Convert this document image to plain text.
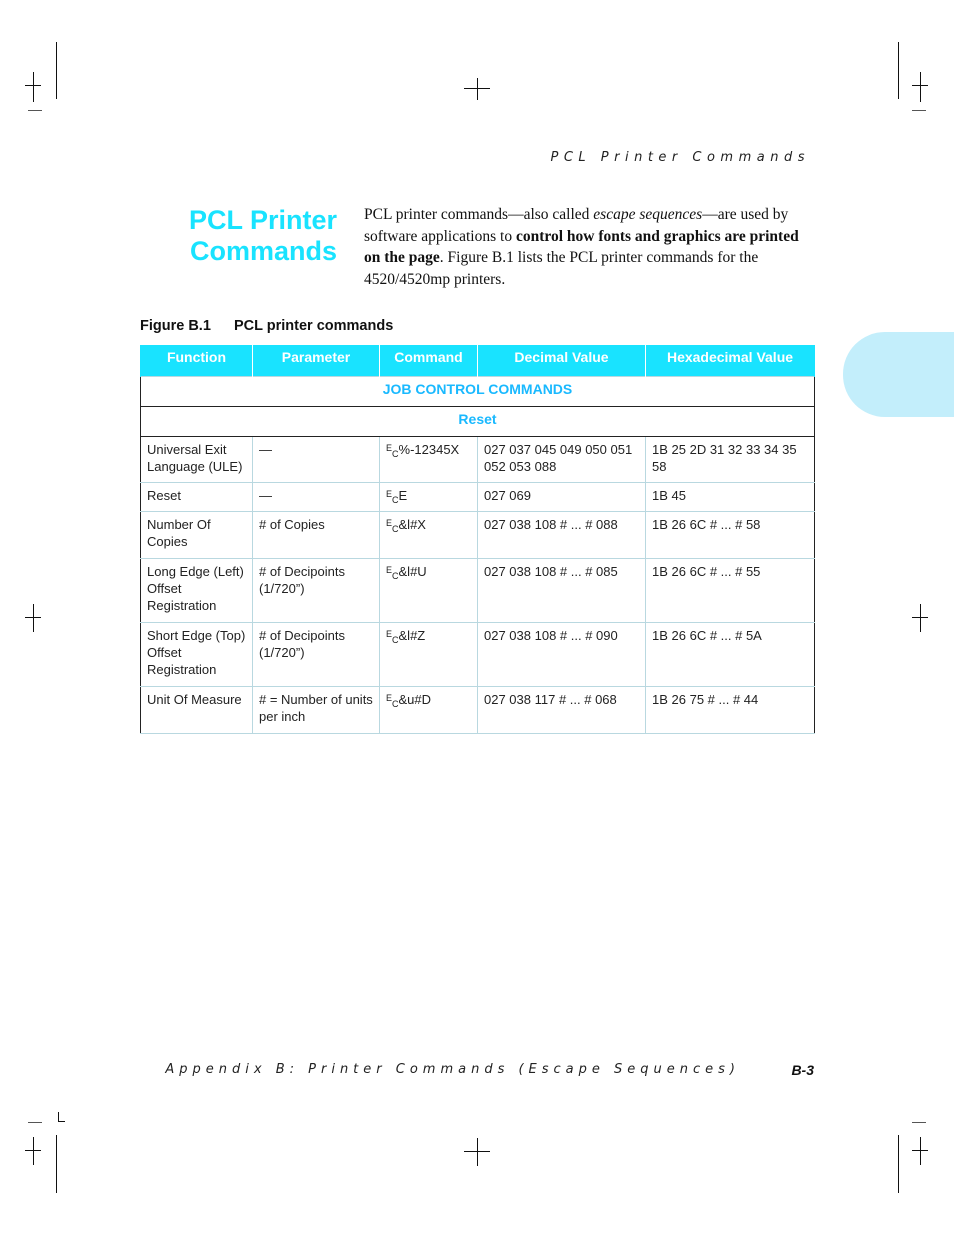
PCL Printer Commands
PCL Printer
Commands
PCL printer commands—also called escape sequences—are used by software applications to control how fonts and graphics are printed on the page. Figure B.1 lists the PCL printer commands for the 4520/4520mp printers.
Figure B.1 PCL printer commands
Function	Parameter	Command	Decimal Value	Hexadecimal Value
JOB CONTROL COMMANDS				
Reset				
Universal Exit Language (ULE)	—	$^E_C$%-12345X	027 037 045 049 050 051 052 053 088	1B 25 2D 31 32 33 34 35 58
Reset	—	$^E_C$E	027 069	1B 45
Number Of Copies	# of Copies	$^E_C$&l#X	027 038 108 # ... # 088	1B 26 6C # ... # 58
Long Edge (Left) Offset Registration	# of Decipoints (1/720”)	$^E_C$&l#U	027 038 108 # ... # 085	1B 26 6C # ... # 55
Short Edge (Top) Offset Registration	# of Decipoints (1/720”)	$^E_C$&l#Z	027 038 108 # ... # 090	1B 26 6C # ... # 5A
Unit Of Measure	# = Number of units per inch	$^E_C$&u#D	027 038 117 # ... # 068	1B 26 75 # ... # 44
Appendix B: Printer Commands (Escape Sequences)	B-3
